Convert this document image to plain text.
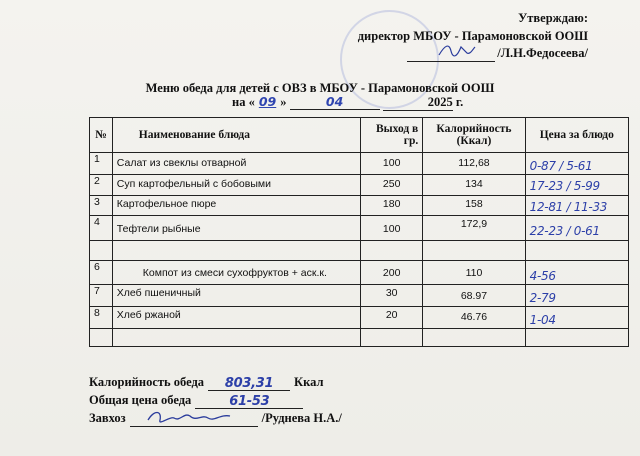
Утверждаю:
директор МБОУ - Парамоновской ООШ
/Л.Н.Федосеева/
Меню обеда для детей с ОВЗ в МБОУ - Парамоновской ООШ
на « 09 »	04	2025 г.
№	Наименование блюда	Выход в гр.	Калорийность (Ккал)	Цена за блюдо
1	Салат из свеклы отварной	100	112,68	0-87 / 5-61

2	Суп картофельный с бобовыми	250	134	17-23 / 5-99

3	Картофельное пюре	180	158	12-81 / 11-33

4	Тефтели рыбные	100	172,9	22-23 / 0-61

6	Компот из смеси сухофруктов + аск.к.	200	110	4-56

7	Хлеб пшеничный	30	68.97	2-79

8	Хлеб ржаной	20	46.76	1-04

Калорийность обеда	803,31	Ккал
Общая цена обеда	61-53
Завхоз	/Руднева Н.А./
